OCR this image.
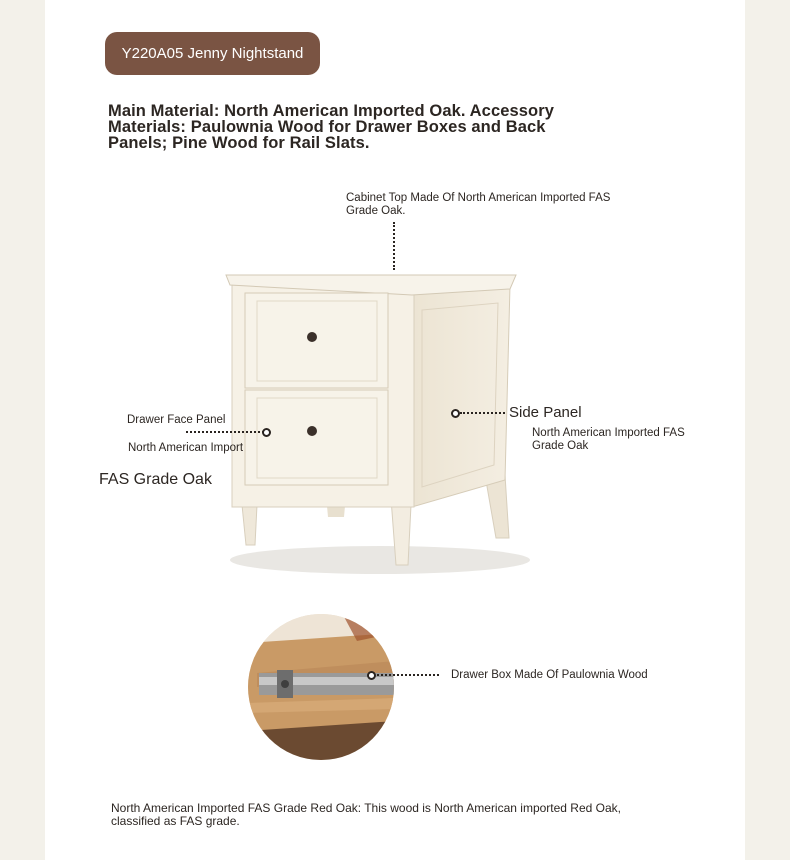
Y220A05 Jenny Nightstand
Main Material: North American Imported Oak. Accessory Materials: Paulownia Wood for Drawer Boxes and Back Panels; Pine Wood for Rail Slats.
Cabinet Top Made Of North American Imported FAS Grade Oak.
Drawer Face Panel
North American Import
FAS Grade Oak
Side Panel
North American Imported FAS Grade Oak
Drawer Box Made Of Paulownia Wood
North American Imported FAS Grade Red Oak: This wood is North American imported Red Oak, classified as FAS grade.
